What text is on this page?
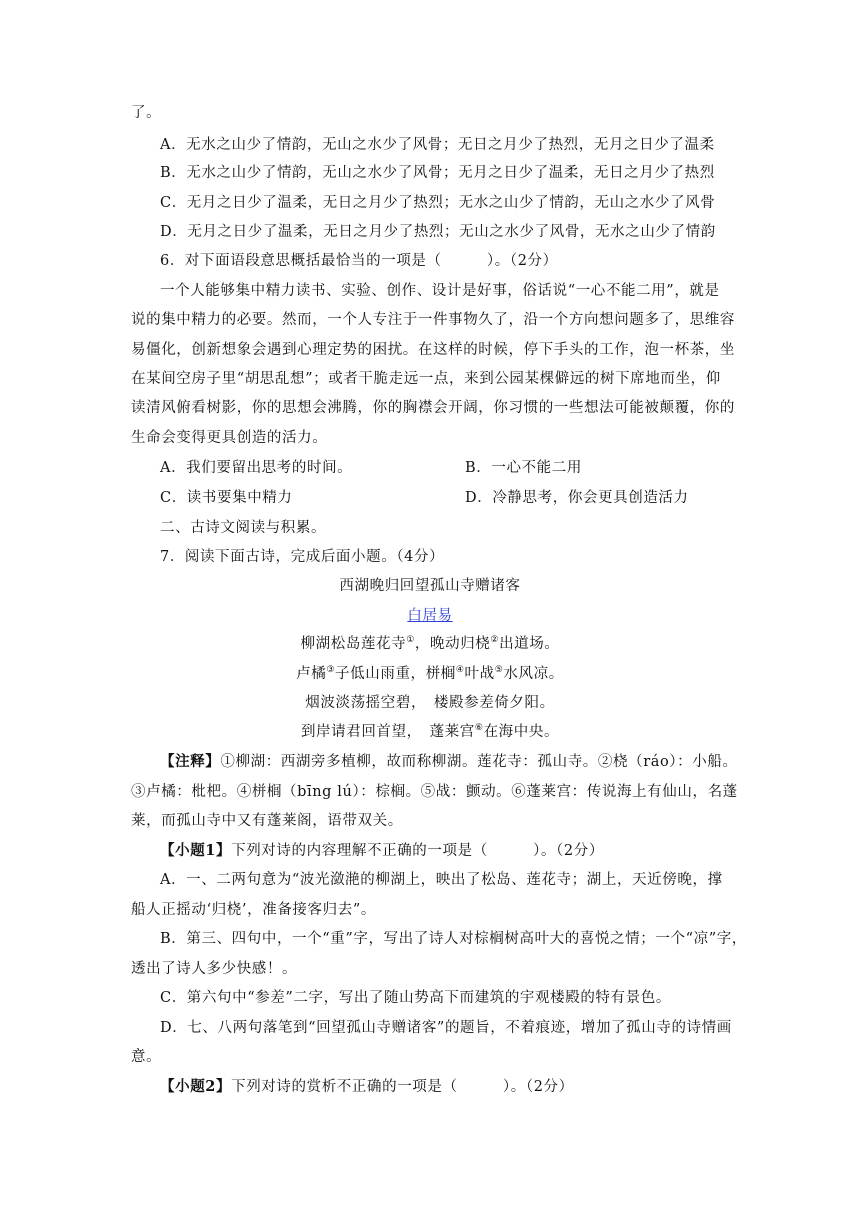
了。
A．无水之山少了情韵，无山之水少了风骨；无日之月少了热烈，无月之日少了温柔
B．无水之山少了情韵，无山之水少了风骨；无月之日少了温柔，无日之月少了热烈
C．无月之日少了温柔，无日之月少了热烈；无水之山少了情韵，无山之水少了风骨
D．无月之日少了温柔，无日之月少了热烈；无山之水少了风骨，无水之山少了情韵
6．对下面语段意思概括最恰当的一项是（　　　）。（2分）
一个人能够集中精力读书、实验、创作、设计是好事，俗话说“一心不能二用”，就是
说的集中精力的必要。然而，一个人专注于一件事物久了，沿一个方向想问题多了，思维容
易僵化，创新想象会遇到心理定势的困扰。在这样的时候，停下手头的工作，泡一杯茶，坐
在某间空房子里“胡思乱想”；或者干脆走远一点，来到公园某棵僻远的树下席地而坐，仰
读清风俯看树影，你的思想会沸腾，你的胸襟会开阔，你习惯的一些想法可能被颠覆，你的
生命会变得更具创造的活力。
A．我们要留出思考的时间。	B．一心不能二用
C．读书要集中精力	D．冷静思考，你会更具创造活力
二、古诗文阅读与积累。
7．阅读下面古诗，完成后面小题。（4分）
西湖晚归回望孤山寺赠诸客
白居易
柳湖松岛莲花寺①，晚动归桡②出道场。
卢橘③子低山雨重，栟榈④叶战⑤水风凉。
烟波淡荡摇空碧，　楼殿参差倚夕阳。
到岸请君回首望，　蓬莱宫⑥在海中央。
【注释】①柳湖：西湖旁多植柳，故而称柳湖。莲花寺：孤山寺。②桡（ráo）：小船。
③卢橘：枇杷。④栟榈（bīng lú）：棕榈。⑤战：颤动。⑥蓬莱宫：传说海上有仙山，名蓬
莱，而孤山寺中又有蓬莱阁，语带双关。
【小题1】下列对诗的内容理解不正确的一项是（　　　）。（2分）
A．一、二两句意为“波光潋滟的柳湖上，映出了松岛、莲花寺；湖上，天近傍晚，撑
船人正摇动‘归桡’，准备接客归去”。
B．第三、四句中，一个“重”字，写出了诗人对棕榈树高叶大的喜悦之情；一个“凉”字，
透出了诗人多少快感！。
C．第六句中“参差”二字，写出了随山势高下而建筑的宇观楼殿的特有景色。
D．七、八两句落笔到“回望孤山寺赠诸客”的题旨，不着痕迹，增加了孤山寺的诗情画
意。
【小题2】下列对诗的赏析不正确的一项是（　　　）。（2分）
